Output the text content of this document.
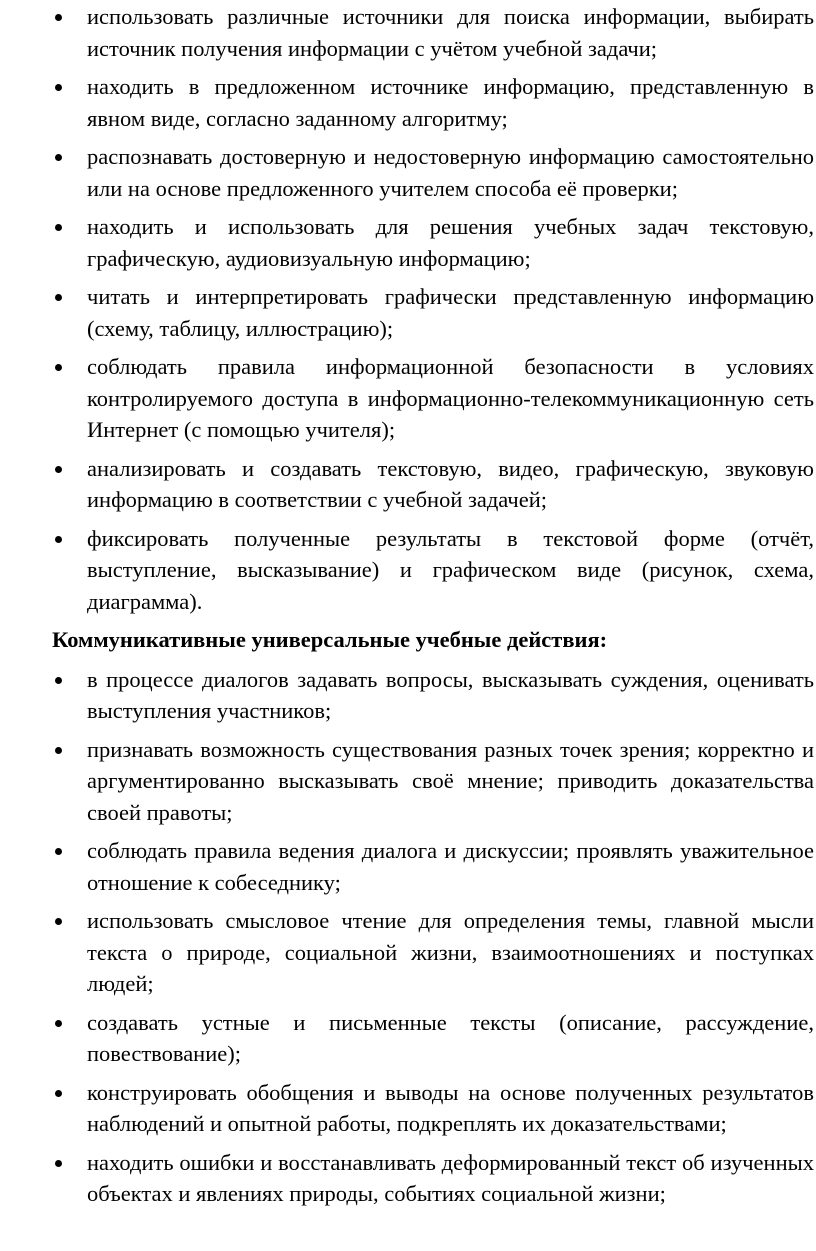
использовать различные источники для поиска информации, выбирать источник получения информации с учётом учебной задачи;
находить в предложенном источнике информацию, представленную в явном виде, согласно заданному алгоритму;
распознавать достоверную и недостоверную информацию самостоятельно или на основе предложенного учителем способа её проверки;
находить и использовать для решения учебных задач текстовую, графическую, аудиовизуальную информацию;
читать и интерпретировать графически представленную информацию (схему, таблицу, иллюстрацию);
соблюдать правила информационной безопасности в условиях контролируемого доступа в информационно-телекоммуникационную сеть Интернет (с помощью учителя);
анализировать и создавать текстовую, видео, графическую, звуковую информацию в соответствии с учебной задачей;
фиксировать полученные результаты в текстовой форме (отчёт, выступление, высказывание) и графическом виде (рисунок, схема, диаграмма).
Коммуникативные универсальные учебные действия:
в процессе диалогов задавать вопросы, высказывать суждения, оценивать выступления участников;
признавать возможность существования разных точек зрения; корректно и аргументированно высказывать своё мнение; приводить доказательства своей правоты;
соблюдать правила ведения диалога и дискуссии; проявлять уважительное отношение к собеседнику;
использовать смысловое чтение для определения темы, главной мысли текста о природе, социальной жизни, взаимоотношениях и поступках людей;
создавать устные и письменные тексты (описание, рассуждение, повествование);
конструировать обобщения и выводы на основе полученных результатов наблюдений и опытной работы, подкреплять их доказательствами;
находить ошибки и восстанавливать деформированный текст об изученных объектах и явлениях природы, событиях социальной жизни;
